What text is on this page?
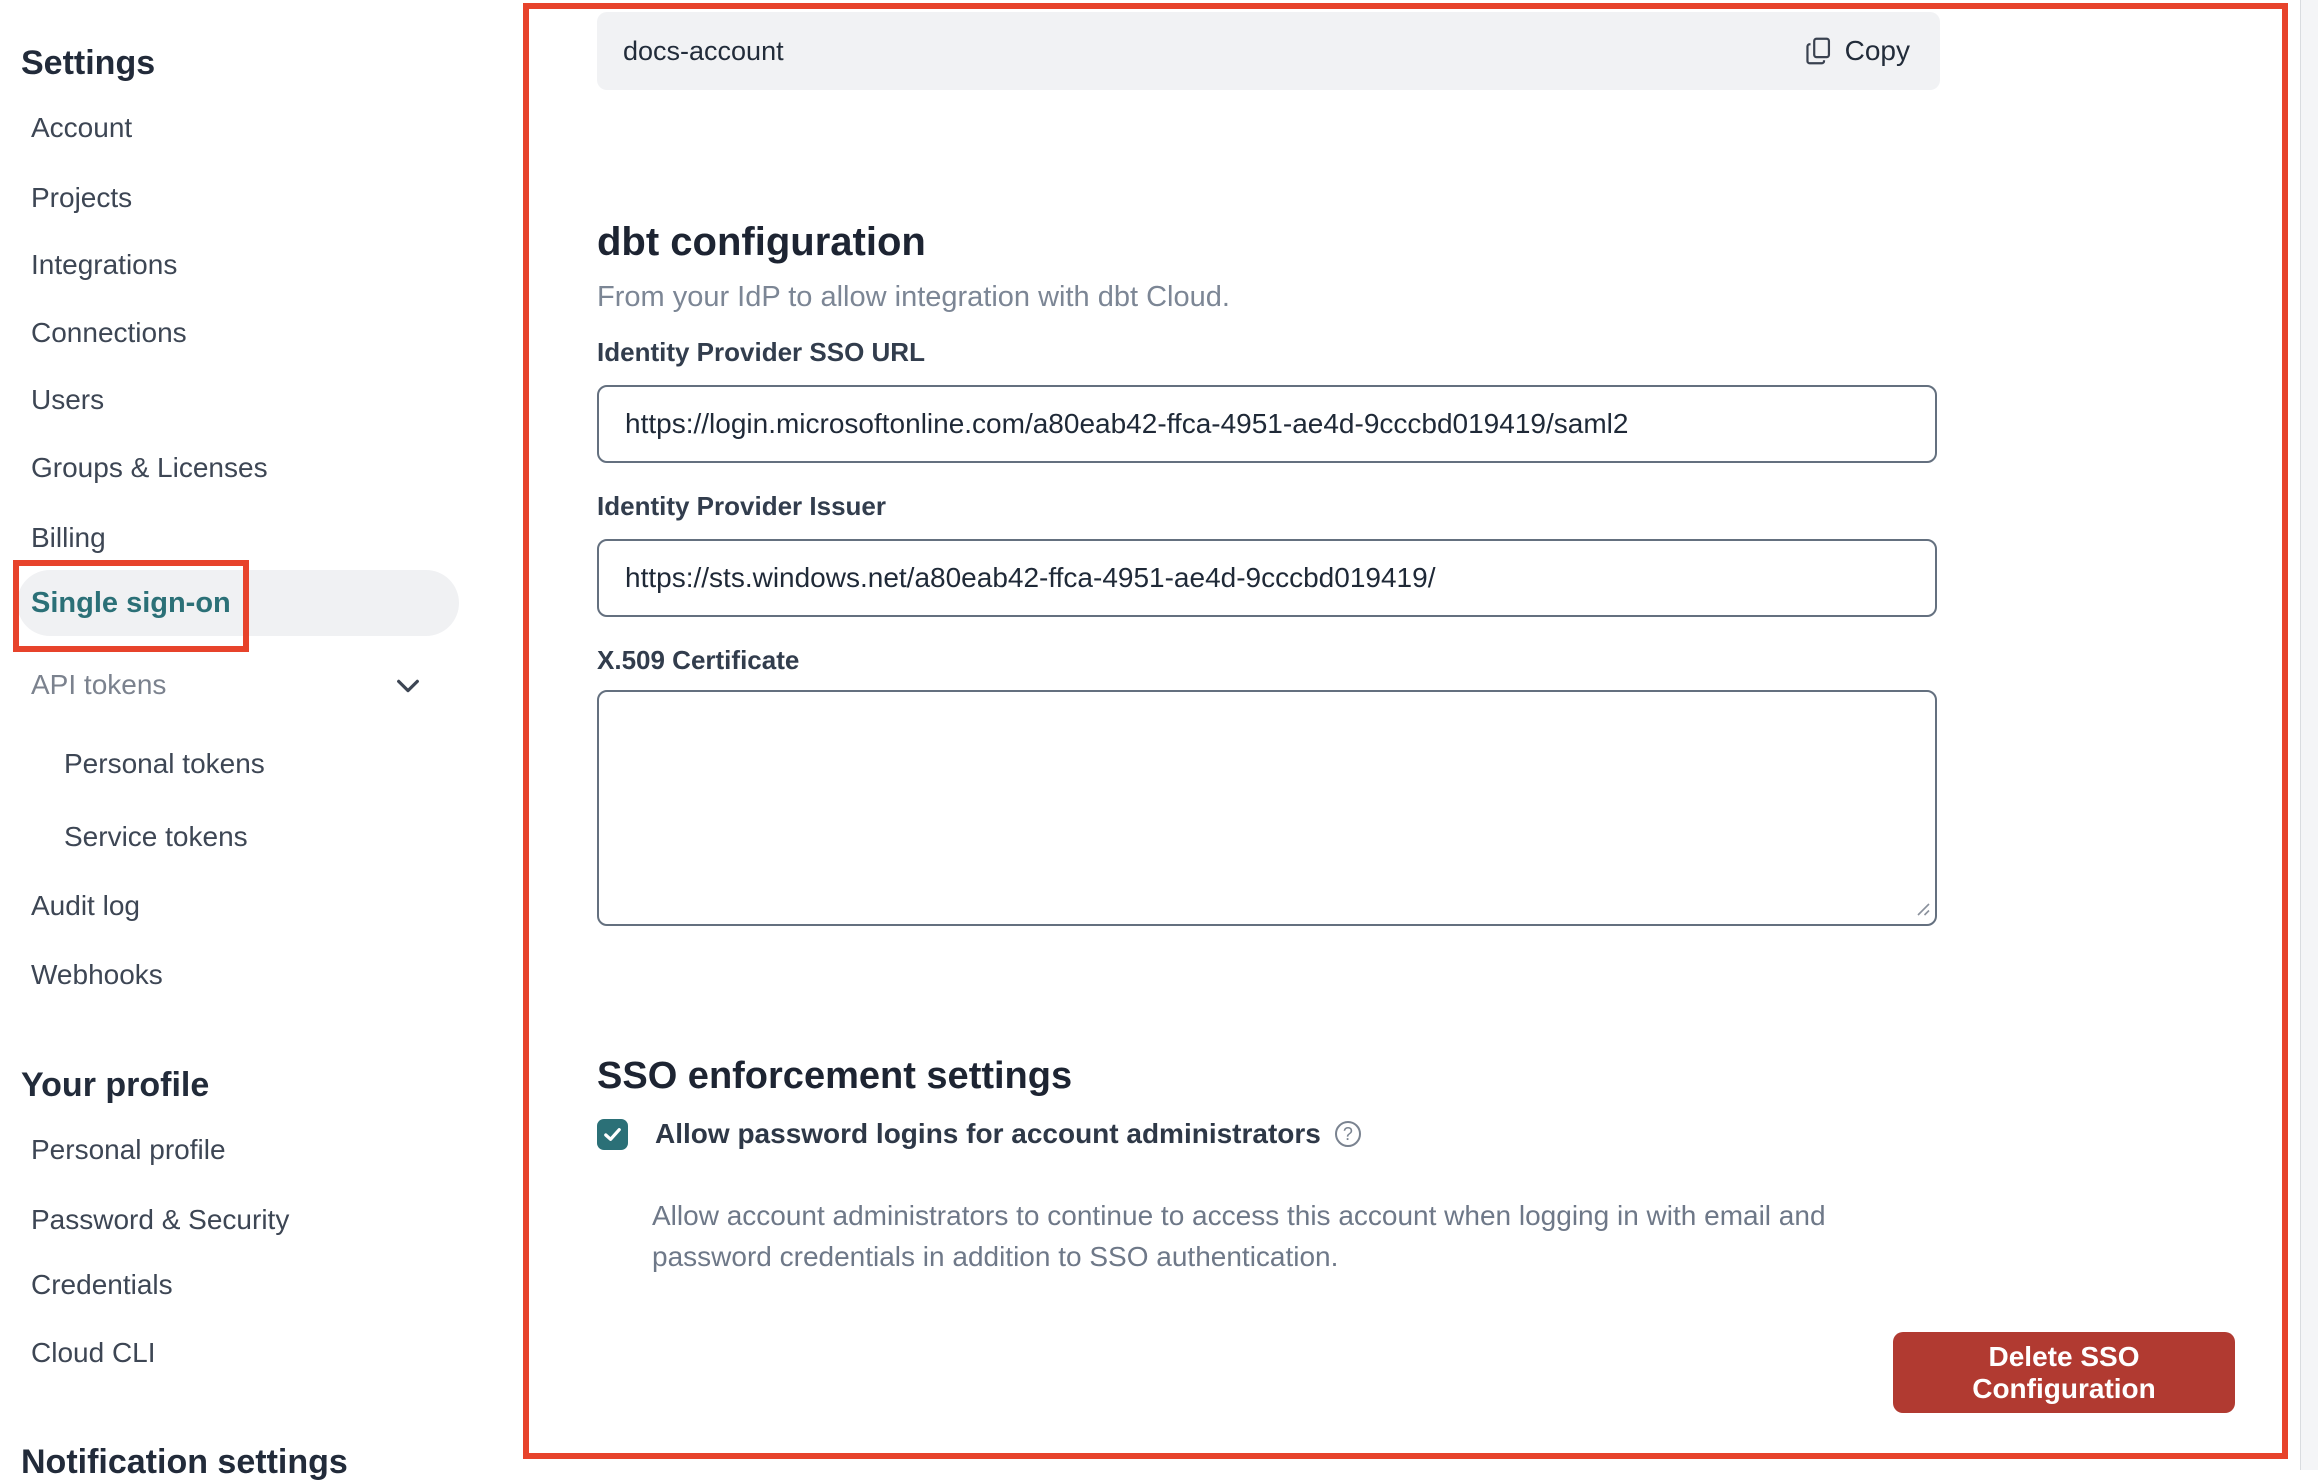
Settings
Account
Projects
Integrations
Connections
Users
Groups & Licenses
Billing
Single sign-on
API tokens
Personal tokens
Service tokens
Audit log
Webhooks
Your profile
Personal profile
Password & Security
Credentials
Cloud CLI
Notification settings
docs-account	Copy
dbt configuration

From your IdP to allow integration with dbt Cloud.

Identity Provider SSO URL
https://login.microsoftonline.com/a80eab42-ffca-4951-ae4d-9cccbd019419/saml2
Identity Provider Issuer
https://sts.windows.net/a80eab42-ffca-4951-ae4d-9cccbd019419/
X.509 Certificate
SSO enforcement settings
Allow password logins for account administrators	?

Allow account administrators to continue to access this account when logging in with email and password credentials in addition to SSO authentication.

Delete SSO Configuration
